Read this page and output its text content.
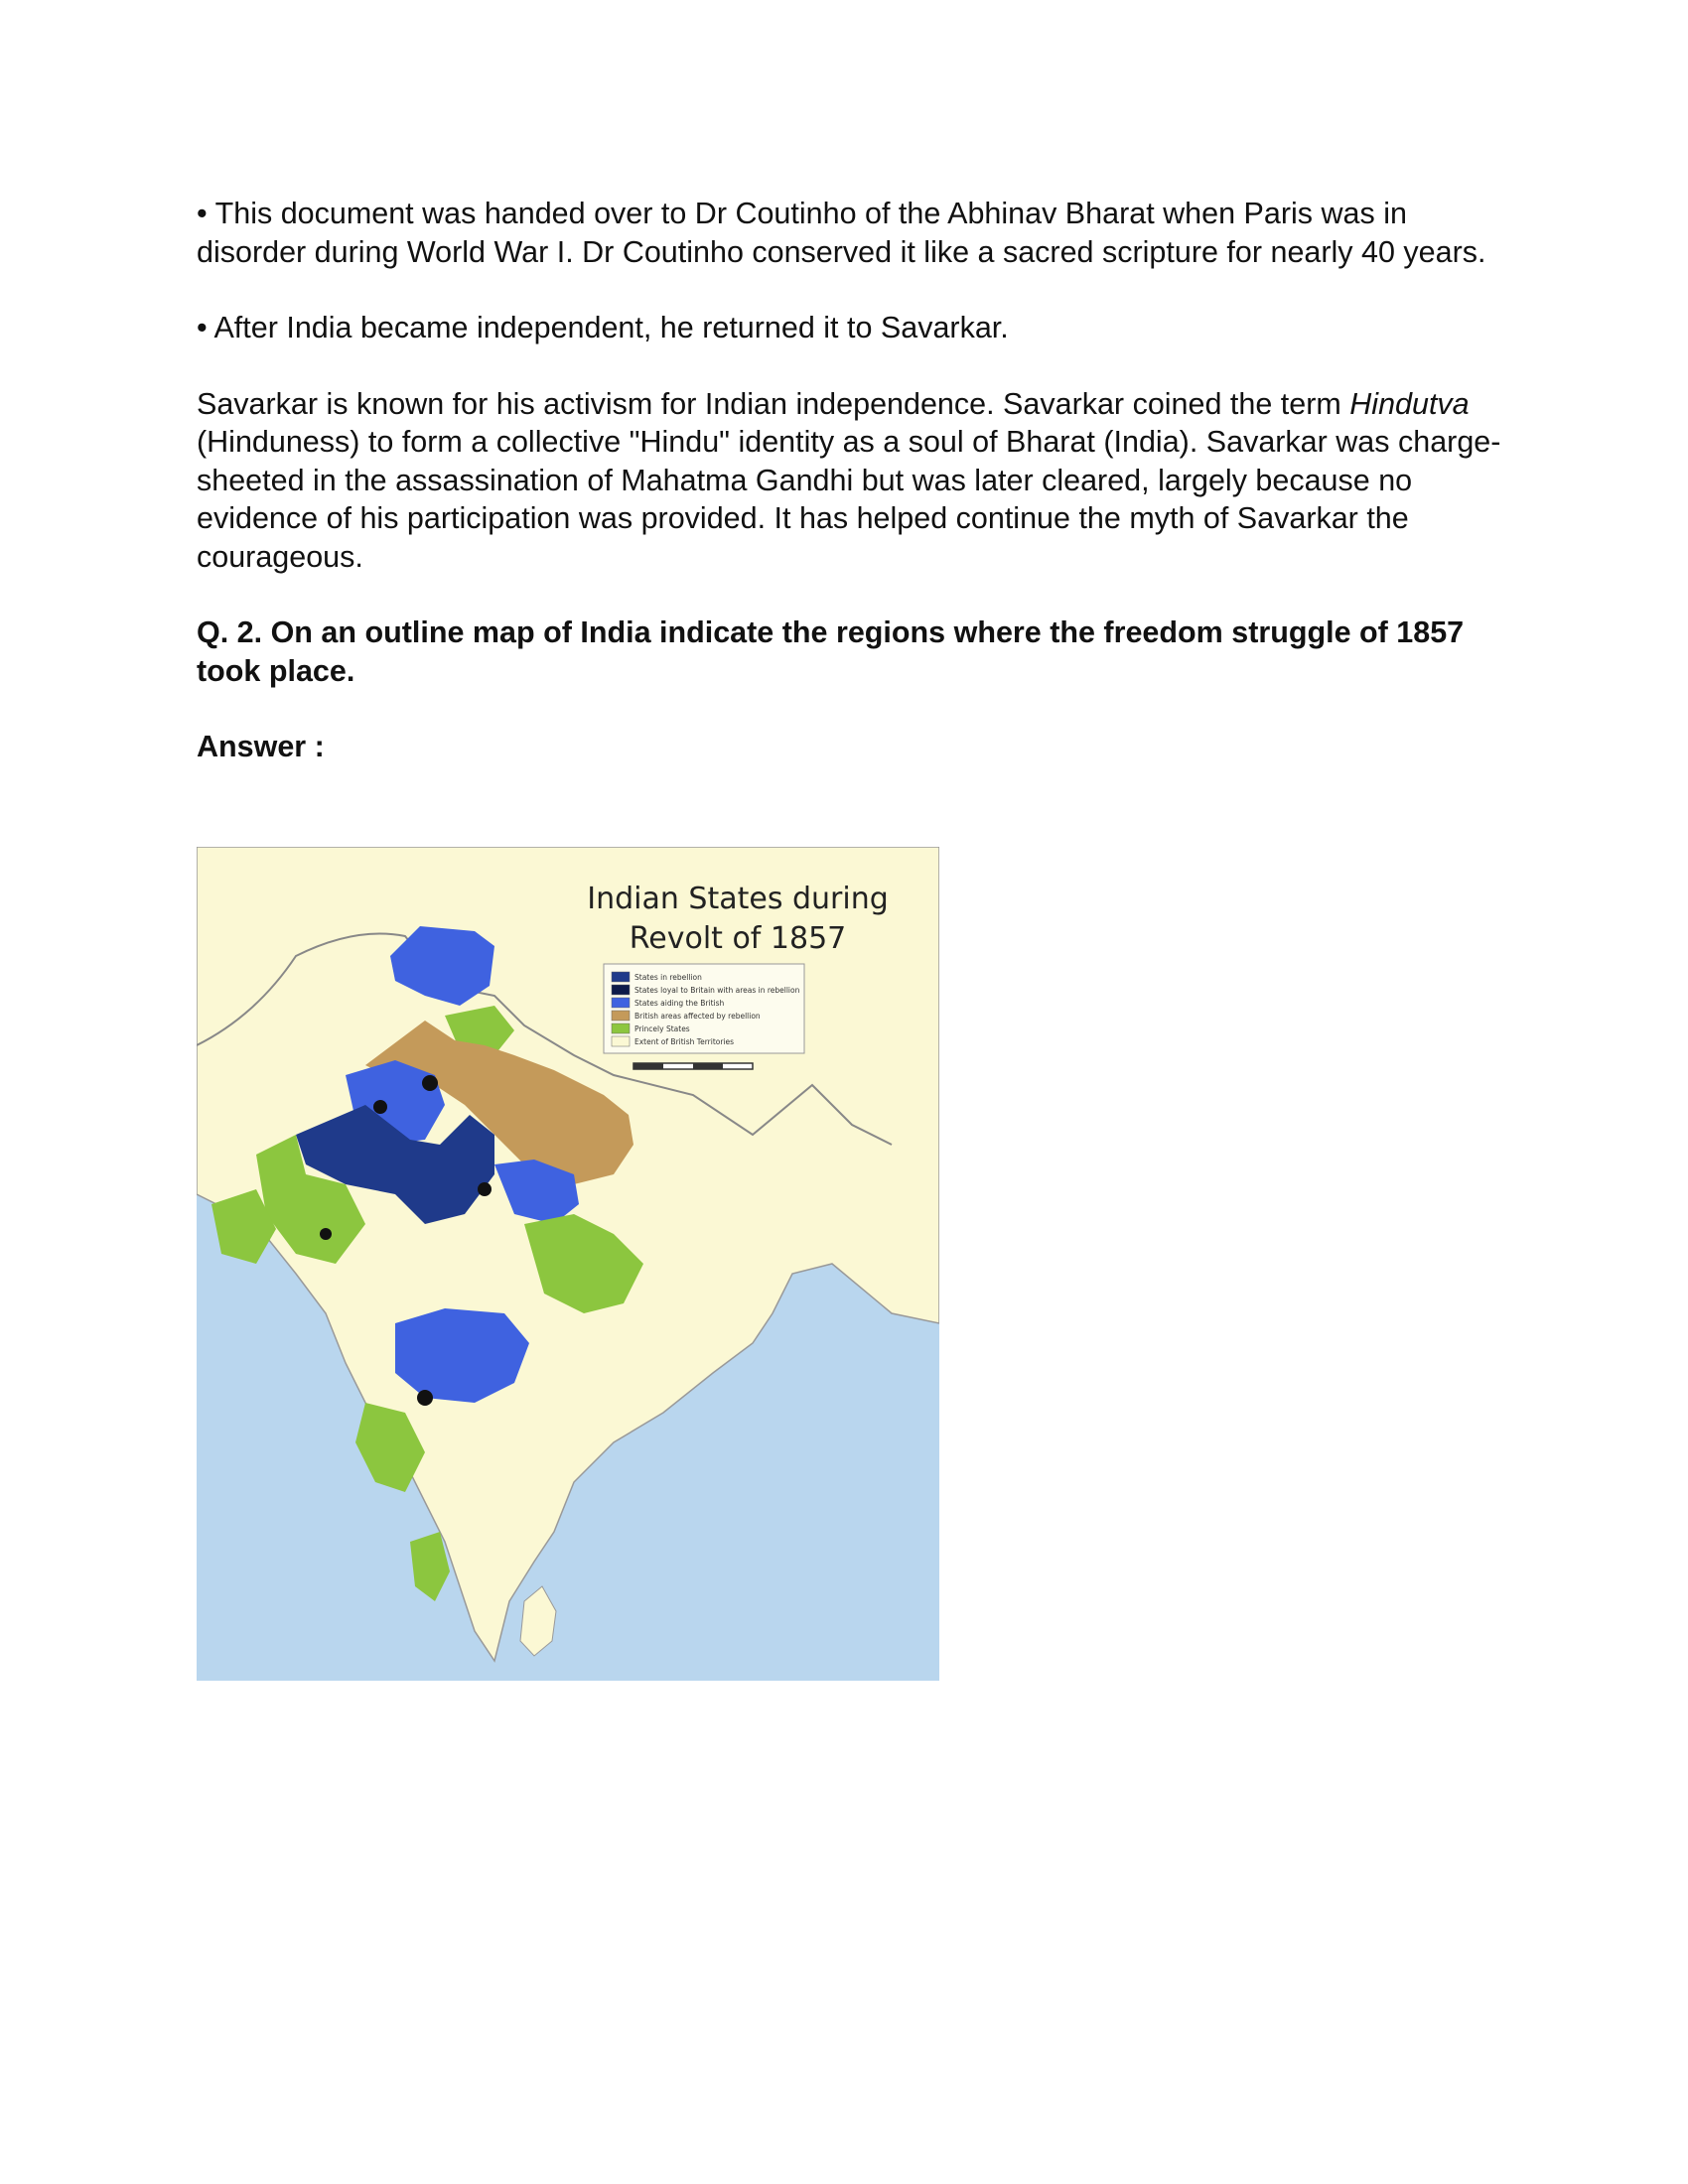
• This document was handed over to Dr Coutinho of the Abhinav Bharat when Paris was in disorder during World War I. Dr Coutinho conserved it like a sacred scripture for nearly 40 years.

• After India became independent, he returned it to Savarkar.

Savarkar is known for his activism for Indian independence. Savarkar coined the term Hindutva (Hinduness) to form a collective "Hindu" identity as a soul of Bharat (India). Savarkar was charge-sheeted in the assassination of Mahatma Gandhi but was later cleared, largely because no evidence of his participation was provided. It has helped continue the myth of Savarkar the courageous.

Q. 2. On an outline map of India indicate the regions where the freedom struggle of 1857 took place.

Answer :

Indian States during
Revolt of 1857
States in rebellion
States loyal to Britain with areas in rebellion
States aiding the British
British areas affected by rebellion
Princely States
Extent of British Territories
